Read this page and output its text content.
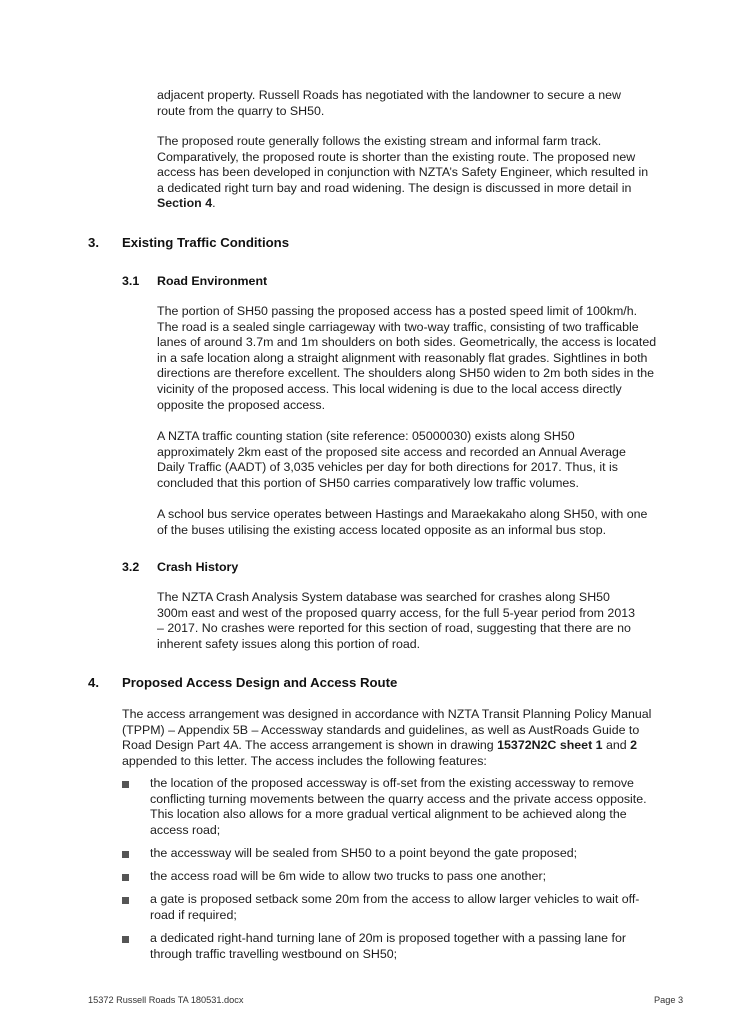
adjacent property. Russell Roads has negotiated with the landowner to secure a new route from the quarry to SH50.

The proposed route generally follows the existing stream and informal farm track. Comparatively, the proposed route is shorter than the existing route. The proposed new access has been developed in conjunction with NZTA’s Safety Engineer, which resulted in a dedicated right turn bay and road widening. The design is discussed in more detail in Section 4.

3. Existing Traffic Conditions
3.1 Road Environment

The portion of SH50 passing the proposed access has a posted speed limit of 100km/h. The road is a sealed single carriageway with two-way traffic, consisting of two trafficable lanes of around 3.7m and 1m shoulders on both sides. Geometrically, the access is located in a safe location along a straight alignment with reasonably flat grades. Sightlines in both directions are therefore excellent. The shoulders along SH50 widen to 2m both sides in the vicinity of the proposed access. This local widening is due to the local access directly opposite the proposed access.

A NZTA traffic counting station (site reference: 05000030) exists along SH50 approximately 2km east of the proposed site access and recorded an Annual Average Daily Traffic (AADT) of 3,035 vehicles per day for both directions for 2017. Thus, it is concluded that this portion of SH50 carries comparatively low traffic volumes.

A school bus service operates between Hastings and Maraekakaho along SH50, with one of the buses utilising the existing access located opposite as an informal bus stop.

3.2 Crash History

The NZTA Crash Analysis System database was searched for crashes along SH50 300m east and west of the proposed quarry access, for the full 5-year period from 2013 – 2017. No crashes were reported for this section of road, suggesting that there are no inherent safety issues along this portion of road.

4. Proposed Access Design and Access Route

The access arrangement was designed in accordance with NZTA Transit Planning Policy Manual (TPPM) – Appendix 5B – Accessway standards and guidelines, as well as AustRoads Guide to Road Design Part 4A. The access arrangement is shown in drawing 15372N2C sheet 1 and 2 appended to this letter. The access includes the following features:

the location of the proposed accessway is off-set from the existing accessway to remove conflicting turning movements between the quarry access and the private access opposite. This location also allows for a more gradual vertical alignment to be achieved along the access road;

the accessway will be sealed from SH50 to a point beyond the gate proposed;

the access road will be 6m wide to allow two trucks to pass one another;

a gate is proposed setback some 20m from the access to allow larger vehicles to wait off-road if required;

a dedicated right-hand turning lane of 20m is proposed together with a passing lane for through traffic travelling westbound on SH50;

15372 Russell Roads TA 180531.docx	Page 3
